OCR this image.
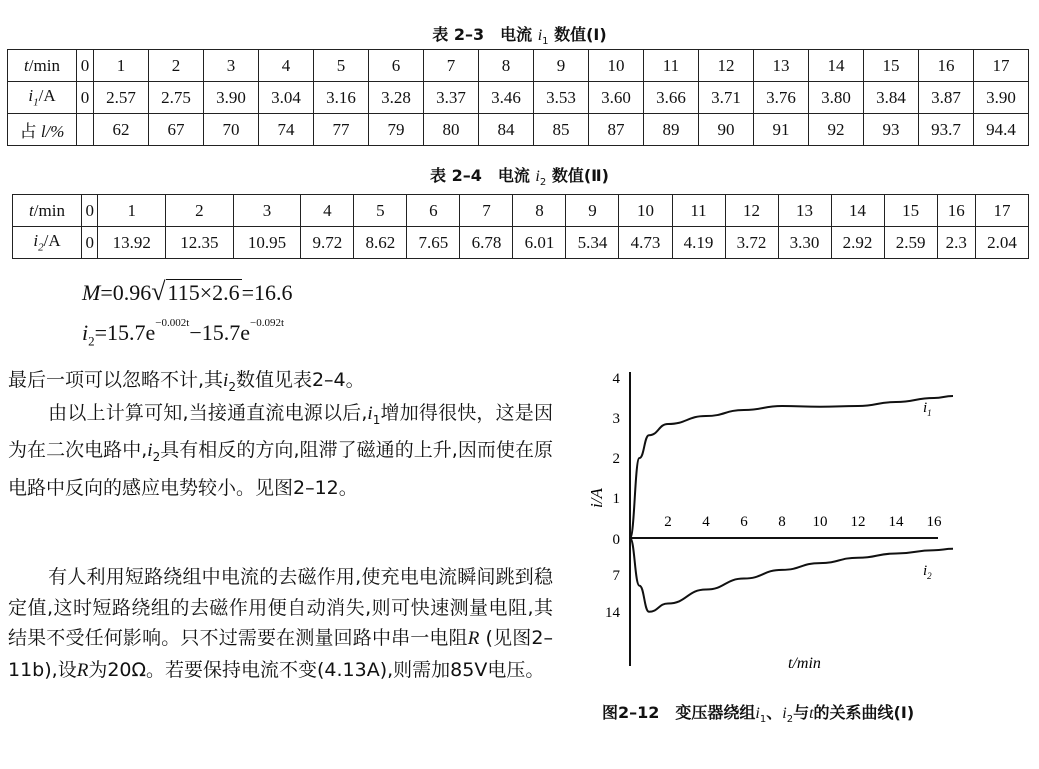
表 2–3　电流 $i_1$ 数值(Ⅰ)
t/min	0	1	2	3	4	5	6	7	8	9	10	11	12	13	14	15	16	17
$i_1/A$	0	2.57	2.75	3.90	3.04	3.16	3.28	3.37	3.46	3.53	3.60	3.66	3.71	3.76	3.80	3.84	3.87	3.90
占 l/%		62	67	70	74	77	79	80	84	85	87	89	90	91	92	93	93.7	94.4
表 2–4　电流 $i_2$ 数值(Ⅱ)
t/min	0	1	2	3	4	5	6	7	8	9	10	11	12	13	14	15	16	17
$i_2/A$	0	13.92	12.35	10.95	9.72	8.62	7.65	6.78	6.01	5.34	4.73	4.19	3.72	3.30	2.92	2.59	2.3	2.04
M=0.96√115×2.6=16.6
$i_2=15.7e^{-0.002t}-15.7e^{-0.092t}$
最后一项可以忽略不计,其$i_2$数值见表2–4。
由以上计算可知,当接通直流电源以后$,i_1$增加得很快，这是因为在二次电路中$,i_2$具有相反的方向,阻滞了磁通的上升,因而使在原电路中反向的感应电势较小。见图2–12。
有人利用短路绕组中电流的去磁作用,使充电电流瞬间跳到稳定值,这时短路绕组的去磁作用便自动消失,则可快速测量电阻,其结果不受任何影响。只不过需要在测量回路中串一电阻R (见图2–11b),设R为20Ω。若要保持电流不变(4.13A),则需加85V电压。
1
2
3
4
0
7
14
2 4 6 8 10 12 14 16
i/A
t/min
$i_1$
$i_2$
图2–12　变压器绕组$i_1$、$i_2$与t的关系曲线(Ⅰ)
